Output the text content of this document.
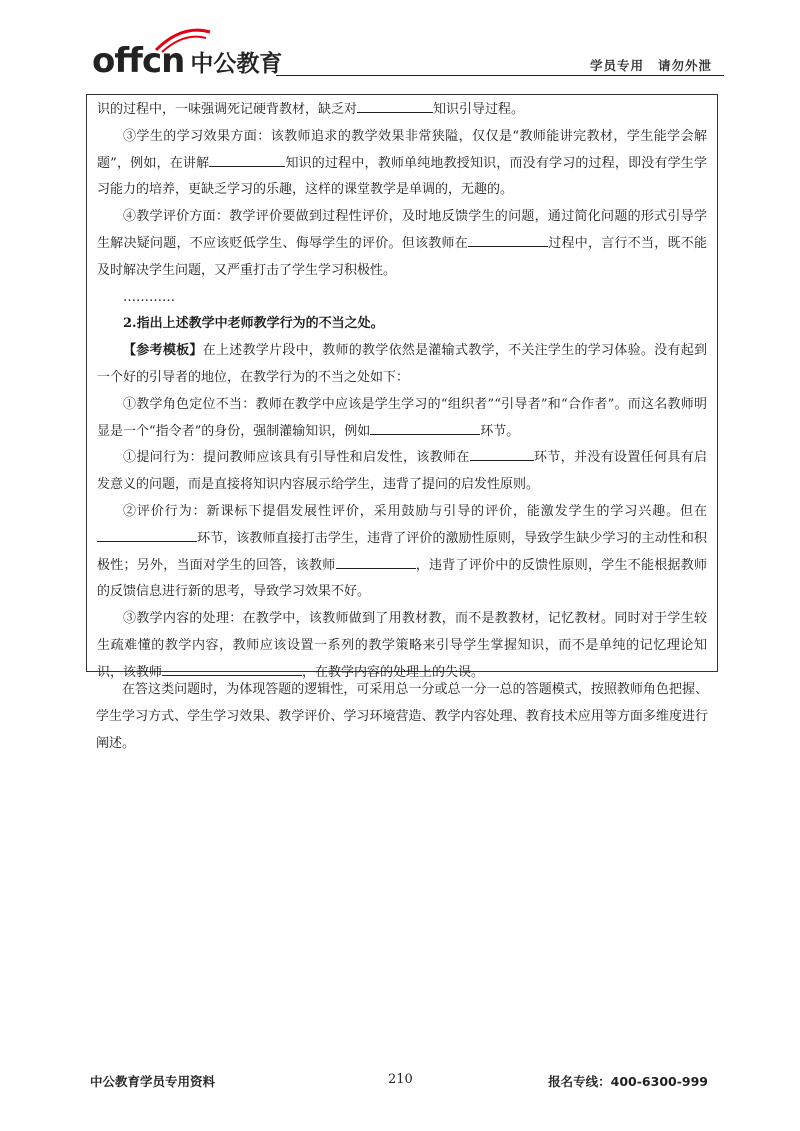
offcn 中公教育	学员专用 请勿外泄

识的过程中，一味强调死记硬背教材，缺乏对	知识引导过程。

③学生的学习效果方面：该教师追求的教学效果非常狭隘，仅仅是“教师能讲完教材，学生能学会解题”，例如，在讲解	知识的过程中，教师单纯地教授知识，而没有学习的过程，即没有学生学习能力的培养，更缺乏学习的乐趣，这样的课堂教学是单调的，无趣的。

④教学评价方面：教学评价要做到过程性评价，及时地反馈学生的问题，通过简化问题的形式引导学生解决疑问题，不应该贬低学生、侮辱学生的评价。但该教师在	过程中，言行不当，既不能及时解决学生问题，又严重打击了学生学习积极性。

…………

2.指出上述教学中老师教学行为的不当之处。

【参考模板】在上述教学片段中，教师的教学依然是灌输式教学，不关注学生的学习体验。没有起到一个好的引导者的地位，在教学行为的不当之处如下：

①教学角色定位不当：教师在教学中应该是学生学习的“组织者”“引导者”和“合作者”。而这名教师明显是一个“指令者”的身份，强制灌输知识，例如	环节。

①提问行为：提问教师应该具有引导性和启发性，该教师在	环节，并没有设置任何具有启发意义的问题，而是直接将知识内容展示给学生，违背了提问的启发性原则。

②评价行为：新课标下提倡发展性评价，采用鼓励与引导的评价，能激发学生的学习兴趣。但在环节，该教师直接打击学生，违背了评价的激励性原则，导致学生缺少学习的主动性和积极性；另外，当面对学生的回答，该教师	，违背了评价中的反馈性原则，学生不能根据教师的反馈信息进行新的思考，导致学习效果不好。

③教学内容的处理：在教学中，该教师做到了用教材教，而不是教教材，记忆教材。同时对于学生较生疏难懂的教学内容，教师应该设置一系列的教学策略来引导学生掌握知识，而不是单纯的记忆理论知识，该教师	，在教学内容的处理上的失误。

在答这类问题时，为体现答题的逻辑性，可采用总一分或总一分一总的答题模式，按照教师角色把握、学生学习方式、学生学习效果、教学评价、学习环境营造、教学内容处理、教育技术应用等方面多维度进行阐述。

中公教育学员专用资料	210	报名专线：400-6300-999
